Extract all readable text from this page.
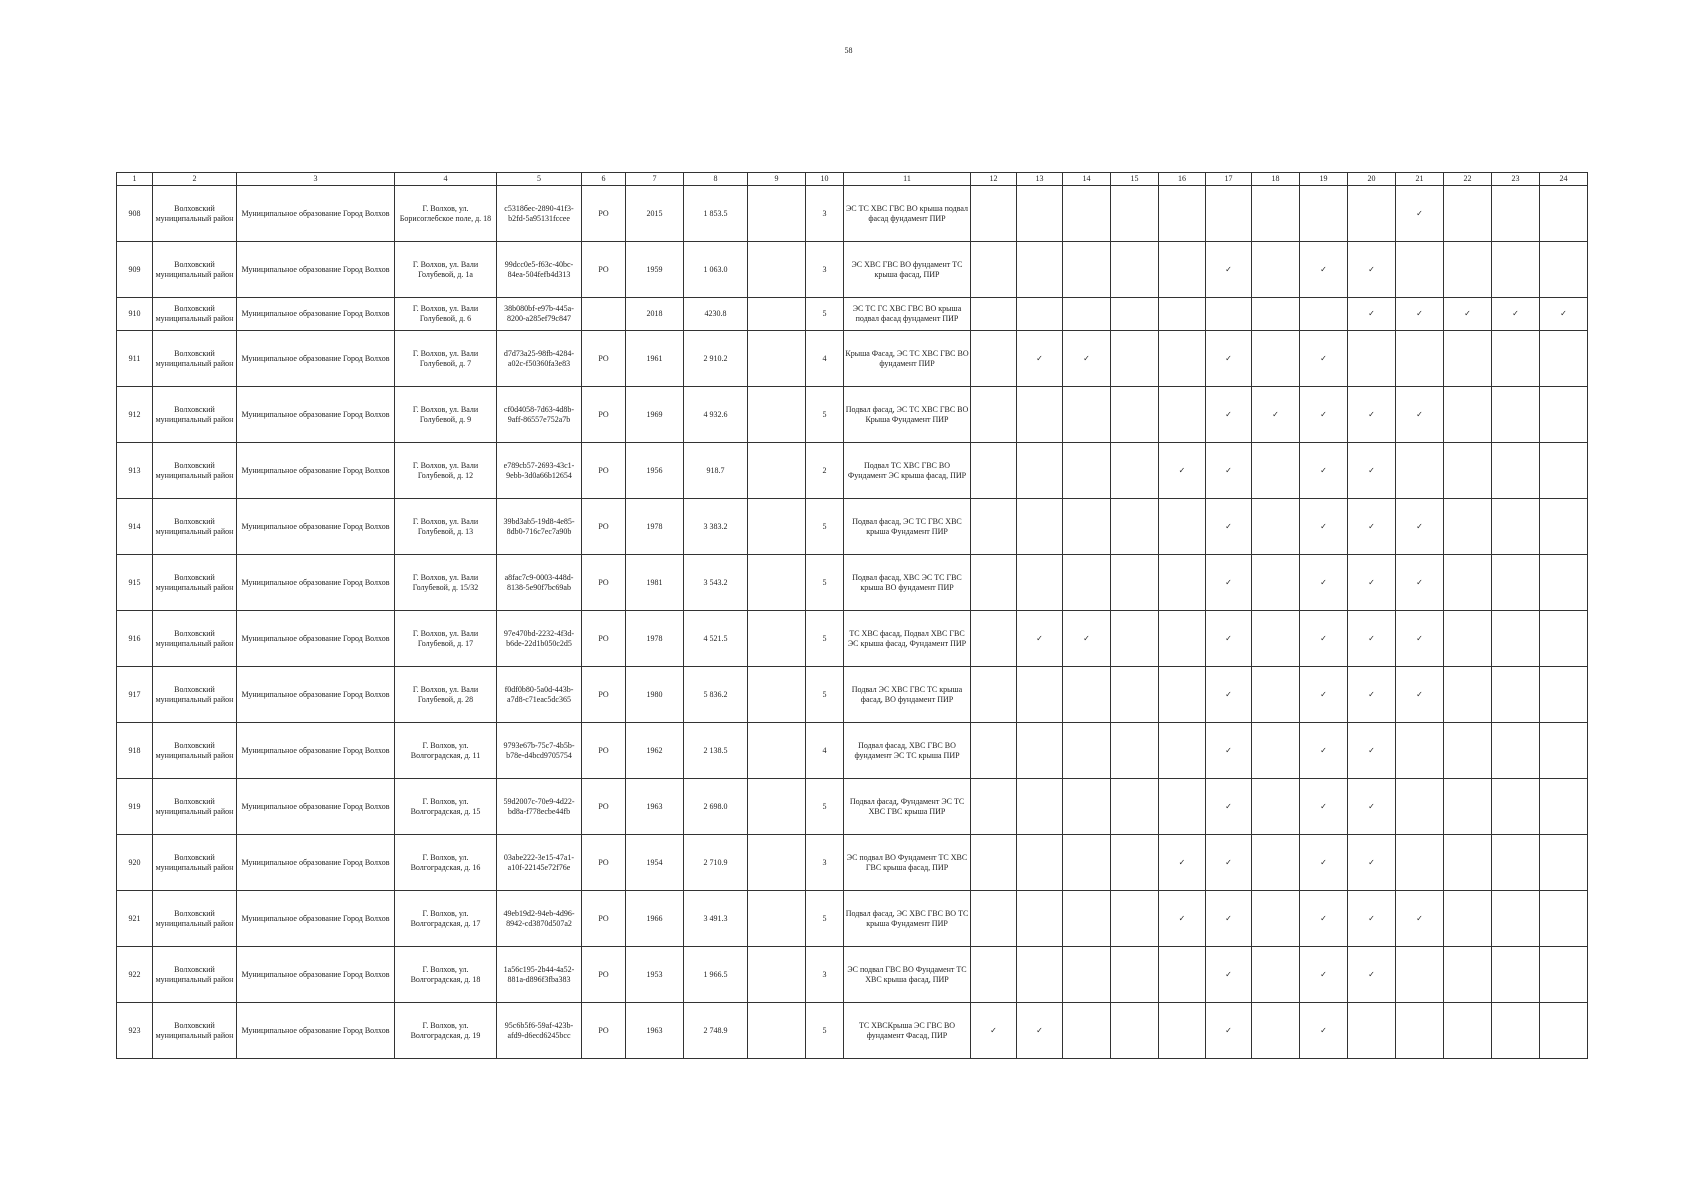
58
1	2	3	4	5	6	7	8	9	10	11	12	13	14	15	16	17	18	19	20	21	22	23	24
908	Волховский муниципальный район	Муниципальное образование Город Волхов	Г. Волхов, ул. Борисоглебское поле, д. 18	c5318бec-2890-41f3-b2fd-5a95131fccee	РО	2015	1 853.5		3	ЭС ТС ХВС ГВС ВО крыша подвал фасад фундамент ПИР										✓			
909	Волховский муниципальный район	Муниципальное образование Город Волхов	Г. Волхов, ул. Вали Голубевой, д. 1а	99dcc0e5-f63c-40bc-84ea-504fefb4d313	РО	1959	1 063.0		3	ЭС ХВС ГВС ВО фундамент ТС крыша фасад, ПИР						✓		✓	✓				
910	Волховский муниципальный район	Муниципальное образование Город Волхов	Г. Волхов, ул. Вали Голубевой, д. 6	38b080bf-e97b-445a-8200-a285ef79c847		2018	4230.8		5	ЭС ТС ГС ХВС ГВС ВО крыша подвал фасад фундамент ПИР									✓	✓	✓	✓	✓
911	Волховский муниципальный район	Муниципальное образование Город Волхов	Г. Волхов, ул. Вали Голубевой, д. 7	d7d73a25-98fb-4284-a02c-f50360fa3e83	РО	1961	2 910.2		4	Крыша Фасад, ЭС ТС ХВС ГВС ВО фундамент ПИР		✓	✓			✓		✓					
912	Волховский муниципальный район	Муниципальное образование Город Волхов	Г. Волхов, ул. Вали Голубевой, д. 9	cf0d4058-7d63-4d8b-9aff-86557e752a7b	РО	1969	4 932.6		5	Подвал фасад, ЭС ТС ХВС ГВС ВО Крыша Фундамент ПИР						✓	✓	✓	✓	✓			
913	Волховский муниципальный район	Муниципальное образование Город Волхов	Г. Волхов, ул. Вали Голубевой, д. 12	e789cb57-2693-43c1-9ebb-3d0a66b12654	РО	1956	918.7		2	Подвал ТС ХВС ГВС ВО Фундамент ЭС крыша фасад, ПИР					✓	✓		✓	✓				
914	Волховский муниципальный район	Муниципальное образование Город Волхов	Г. Волхов, ул. Вали Голубевой, д. 13	39bd3ab5-19d8-4e85-8db0-716c7ec7a90b	РО	1978	3 383.2		5	Подвал фасад, ЭС ТС ГВС ХВС крыша Фундамент ПИР						✓		✓	✓	✓			
915	Волховский муниципальный район	Муниципальное образование Город Волхов	Г. Волхов, ул. Вали Голубевой, д. 15/32	a8fac7c9-0003-448d-8138-5e90f7bc69ab	РО	1981	3 543.2		5	Подвал фасад, ХВС ЭС ТС ГВС крыша ВО фундамент ПИР						✓		✓	✓	✓			
916	Волховский муниципальный район	Муниципальное образование Город Волхов	Г. Волхов, ул. Вали Голубевой, д. 17	97e470bd-2232-4f3d-b6de-22d1b050c2d5	РО	1978	4 521.5		5	ТС ХВС фасад, Подвал ХВС ГВС ЭС крыша фасад, Фундамент ПИР		✓	✓			✓		✓	✓	✓			
917	Волховский муниципальный район	Муниципальное образование Город Волхов	Г. Волхов, ул. Вали Голубевой, д. 28	f0df0b80-5a0d-443b-a7d8-c71eac5dc365	РО	1980	5 836.2		5	Подвал ЭС ХВС ГВС ТС крыша фасад, ВО фундамент ПИР						✓		✓	✓	✓			
918	Волховский муниципальный район	Муниципальное образование Город Волхов	Г. Волхов, ул. Волгоградская, д. 11	9793e67b-75c7-4b5b-b78e-d4bcd9705754	РО	1962	2 138.5		4	Подвал фасад, ХВС ГВС ВО фундамент ЭС ТС крыша ПИР						✓		✓	✓				
919	Волховский муниципальный район	Муниципальное образование Город Волхов	Г. Волхов, ул. Волгоградская, д. 15	59d2007c-70e9-4d22-bd8a-f778ecbe44fb	РО	1963	2 698.0		5	Подвал фасад, Фундамент ЭС ТС ХВС ГВС крыша ПИР						✓		✓	✓				
920	Волховский муниципальный район	Муниципальное образование Город Волхов	Г. Волхов, ул. Волгоградская, д. 16	03abe222-3e15-47a1-a10f-22145e72f76e	РО	1954	2 710.9		3	ЭС подвал ВО Фундамент ТС ХВС ГВС крыша фасад, ПИР					✓	✓		✓	✓				
921	Волховский муниципальный район	Муниципальное образование Город Волхов	Г. Волхов, ул. Волгоградская, д. 17	49eb19d2-94eb-4d96-8942-cd3870d507a2	РО	1966	3 491.3		5	Подвал фасад, ЭС ХВС ГВС ВО ТС крыша Фундамент ПИР					✓	✓		✓	✓	✓			
922	Волховский муниципальный район	Муниципальное образование Город Волхов	Г. Волхов, ул. Волгоградская, д. 18	1a56c195-2b44-4a52-881a-d896f3fba383	РО	1953	1 966.5		3	ЭС подвал ГВС ВО Фундамент ТС ХВС крыша фасад, ПИР						✓		✓	✓				
923	Волховский муниципальный район	Муниципальное образование Город Волхов	Г. Волхов, ул. Волгоградская, д. 19	95c6b5f6-59af-423b-afd9-d6ecd6245bcc	РО	1963	2 748.9		5	ТС ХВСКрыша ЭС ГВС ВО фундамент Фасад, ПИР	✓	✓				✓		✓					
